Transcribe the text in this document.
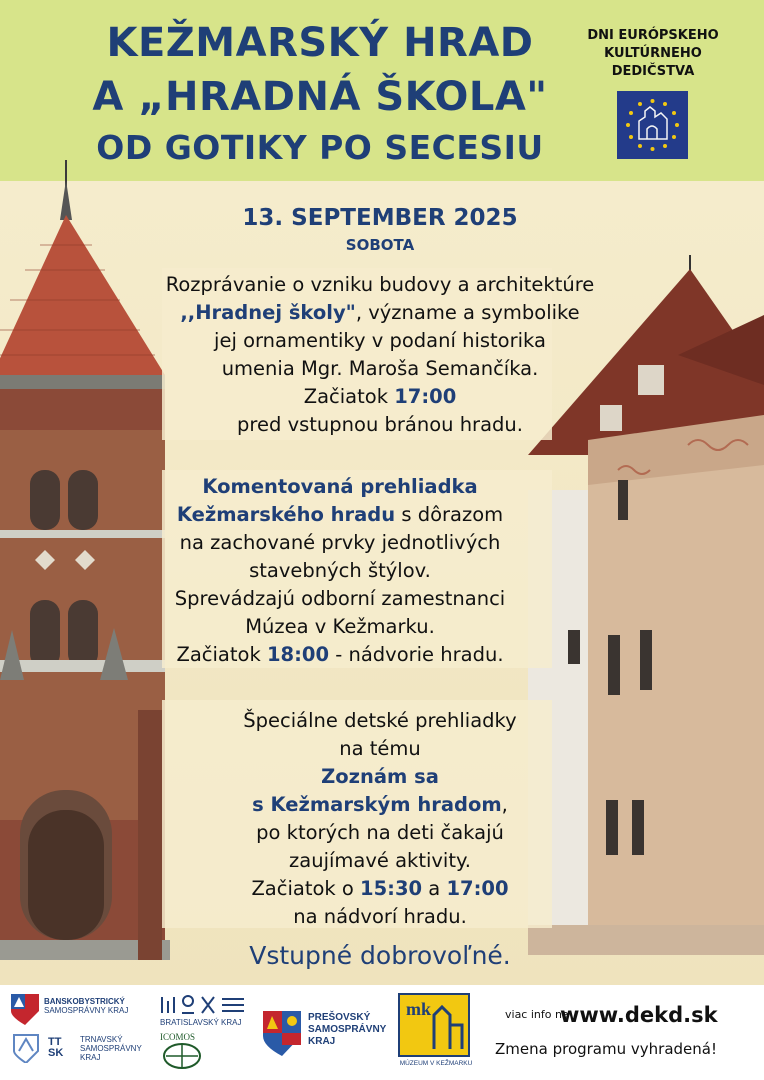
KEŽMARSKÝ HRAD
A „HRADNÁ ŠKOLA"
OD GOTIKY PO SECESIU
DNI EURÓPSKEHO
KULTÚRNEHO
DEDIČSTVA
13. SEPTEMBER 2025
SOBOTA
Rozprávanie o vzniku budovy a architektúre
,,Hradnej školy", význame a symbolike
jej ornamentiky v podaní historika
umenia Mgr. Maroša Semančíka.
Začiatok 17:00
pred vstupnou bránou hradu.
Komentovaná prehliadka
Kežmarského hradu s dôrazom
na zachované prvky jednotlivých
stavebných štýlov.
Sprevádzajú odborní zamestnanci
Múzea v Kežmarku.
Začiatok 18:00 - nádvorie hradu.
Špeciálne detské prehliadky
na tému
Zoznám sa
s Kežmarským hradom,
po ktorých na deti čakajú
zaujímavé aktivity.
Začiatok o 15:30 a 17:00
na nádvorí hradu.
Vstupné dobrovoľné.
BANSKOBYSTRICKÝ
SAMOSPRÁVNY KRAJ
TT SK
TRNAVSKÝ
SAMOSPRÁVNY
KRAJ
BRATISLAVSKÝ KRAJ
ICOMOS
PREŠOVSKÝ
SAMOSPRÁVNY
KRAJ
mk
MÚZEUM V KEŽMARKU
viac info na
www.dekd.sk
Zmena programu vyhradená!
